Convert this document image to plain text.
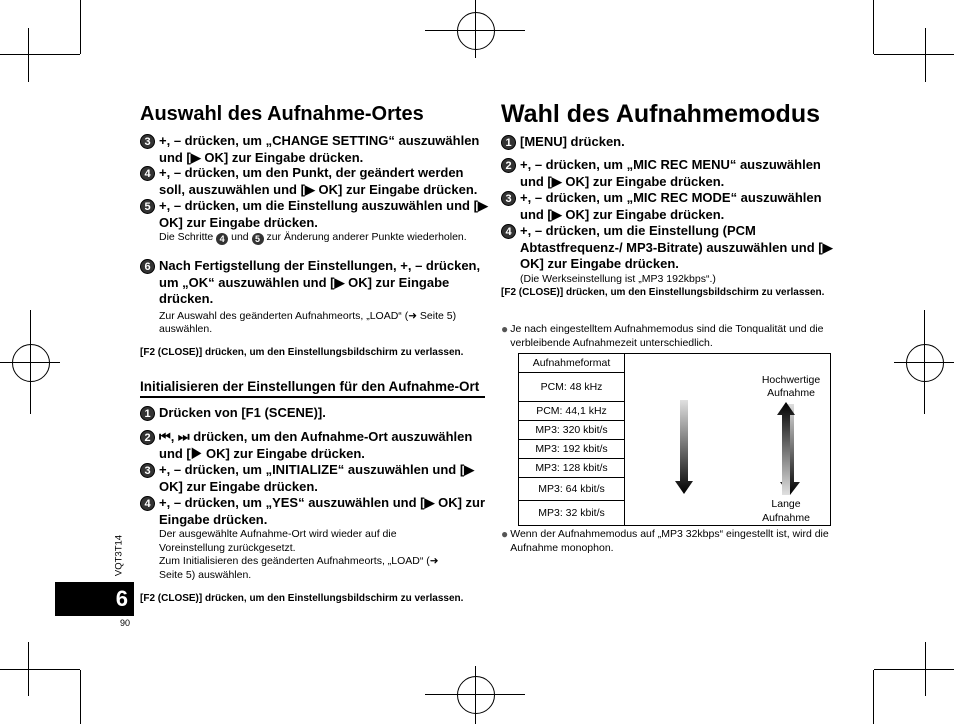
Auswahl des Aufnahme-Ortes
3 +, – drücken, um „CHANGE SETTING“ auszuwählen und [▶ OK] zur Eingabe drücken.
4 +, – drücken, um den Punkt, der geändert werden soll, auszuwählen und [▶ OK] zur Eingabe drücken.
5 +, – drücken, um die Einstellung auszuwählen und [▶ OK] zur Eingabe drücken.
Die Schritte 4 und 5 zur Änderung anderer Punkte wiederholen.
6 Nach Fertigstellung der Einstellungen, +, – drücken, um „OK“ auszuwählen und [▶ OK] zur Eingabe drücken.
Zur Auswahl des geänderten Aufnahmeorts, „LOAD“ (➜ Seite 5) auswählen.
[F2 (CLOSE)] drücken, um den Einstellungsbildschirm zu verlassen.
Initialisieren der Einstellungen für den Aufnahme-Ort
1 Drücken von [F1 (SCENE)].
2 ⏮, ⏭ drücken, um den Aufnahme-Ort auszuwählen und [▶ OK] zur Eingabe drücken.
3 +, – drücken, um „INITIALIZE“ auszuwählen und [▶ OK] zur Eingabe drücken.
4 +, – drücken, um „YES“ auszuwählen und [▶ OK] zur Eingabe drücken.
Der ausgewählte Aufnahme-Ort wird wieder auf die Voreinstellung zurückgesetzt.
Zum Initialisieren des geänderten Aufnahmeorts, „LOAD“ (➜ Seite 5) auswählen.
[F2 (CLOSE)] drücken, um den Einstellungsbildschirm zu verlassen.
VQT3T14
6
90
Wahl des Aufnahmemodus
1 [MENU] drücken.
2 +, – drücken, um „MIC REC MENU“ auszuwählen und [▶ OK] zur Eingabe drücken.
3 +, – drücken, um „MIC REC MODE“ auszuwählen und [▶ OK] zur Eingabe drücken.
4 +, – drücken, um die Einstellung (PCM Abtastfrequenz-/ MP3-Bitrate) auszuwählen und [▶ OK] zur Eingabe drücken.
(Die Werkseinstellung ist „MP3 192kbps“.)
[F2 (CLOSE)] drücken, um den Einstellungsbildschirm zu verlassen.
● Je nach eingestelltem Aufnahmemodus sind die Tonqualität und die verbleibende Aufnahmezeit unterschiedlich.
Aufnahmeformat	
Hochwertige
Aufnahme

PCM: 48 kHz
PCM: 44,1 kHz
MP3: 320 kbit/s
MP3: 192 kbit/s
MP3: 128 kbit/s
MP3: 64 kbit/s
MP3: 32 kbit/s
Lange
Aufnahme
● Wenn der Aufnahmemodus auf „MP3 32kbps“ eingestellt ist, wird die Aufnahme monophon.
